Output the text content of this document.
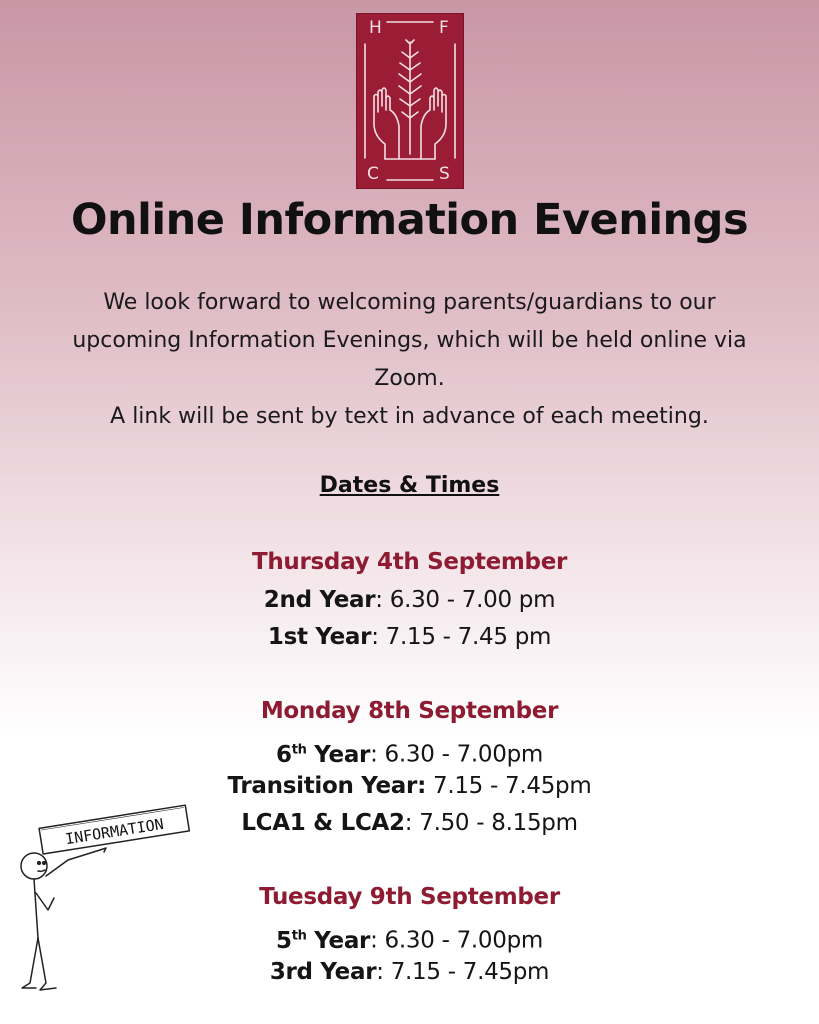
H	F
C	S
Online Information Evenings

We look forward to welcoming parents/guardians to our

upcoming Information Evenings, which will be held online via

Zoom.

A link will be sent by text in advance of each meeting.

Dates & Times
Thursday 4th September
2nd Year: 6.30 - 7.00 pm
1st Year: 7.15 - 7.45 pm
Monday 8th September
6th Year: 6.30 - 7.00pm
Transition Year: 7.15 - 7.45pm
LCA1 & LCA2: 7.50 - 8.15pm
Tuesday 9th September
5th Year: 6.30 - 7.00pm
3rd Year: 7.15 - 7.45pm
INFORMATION
